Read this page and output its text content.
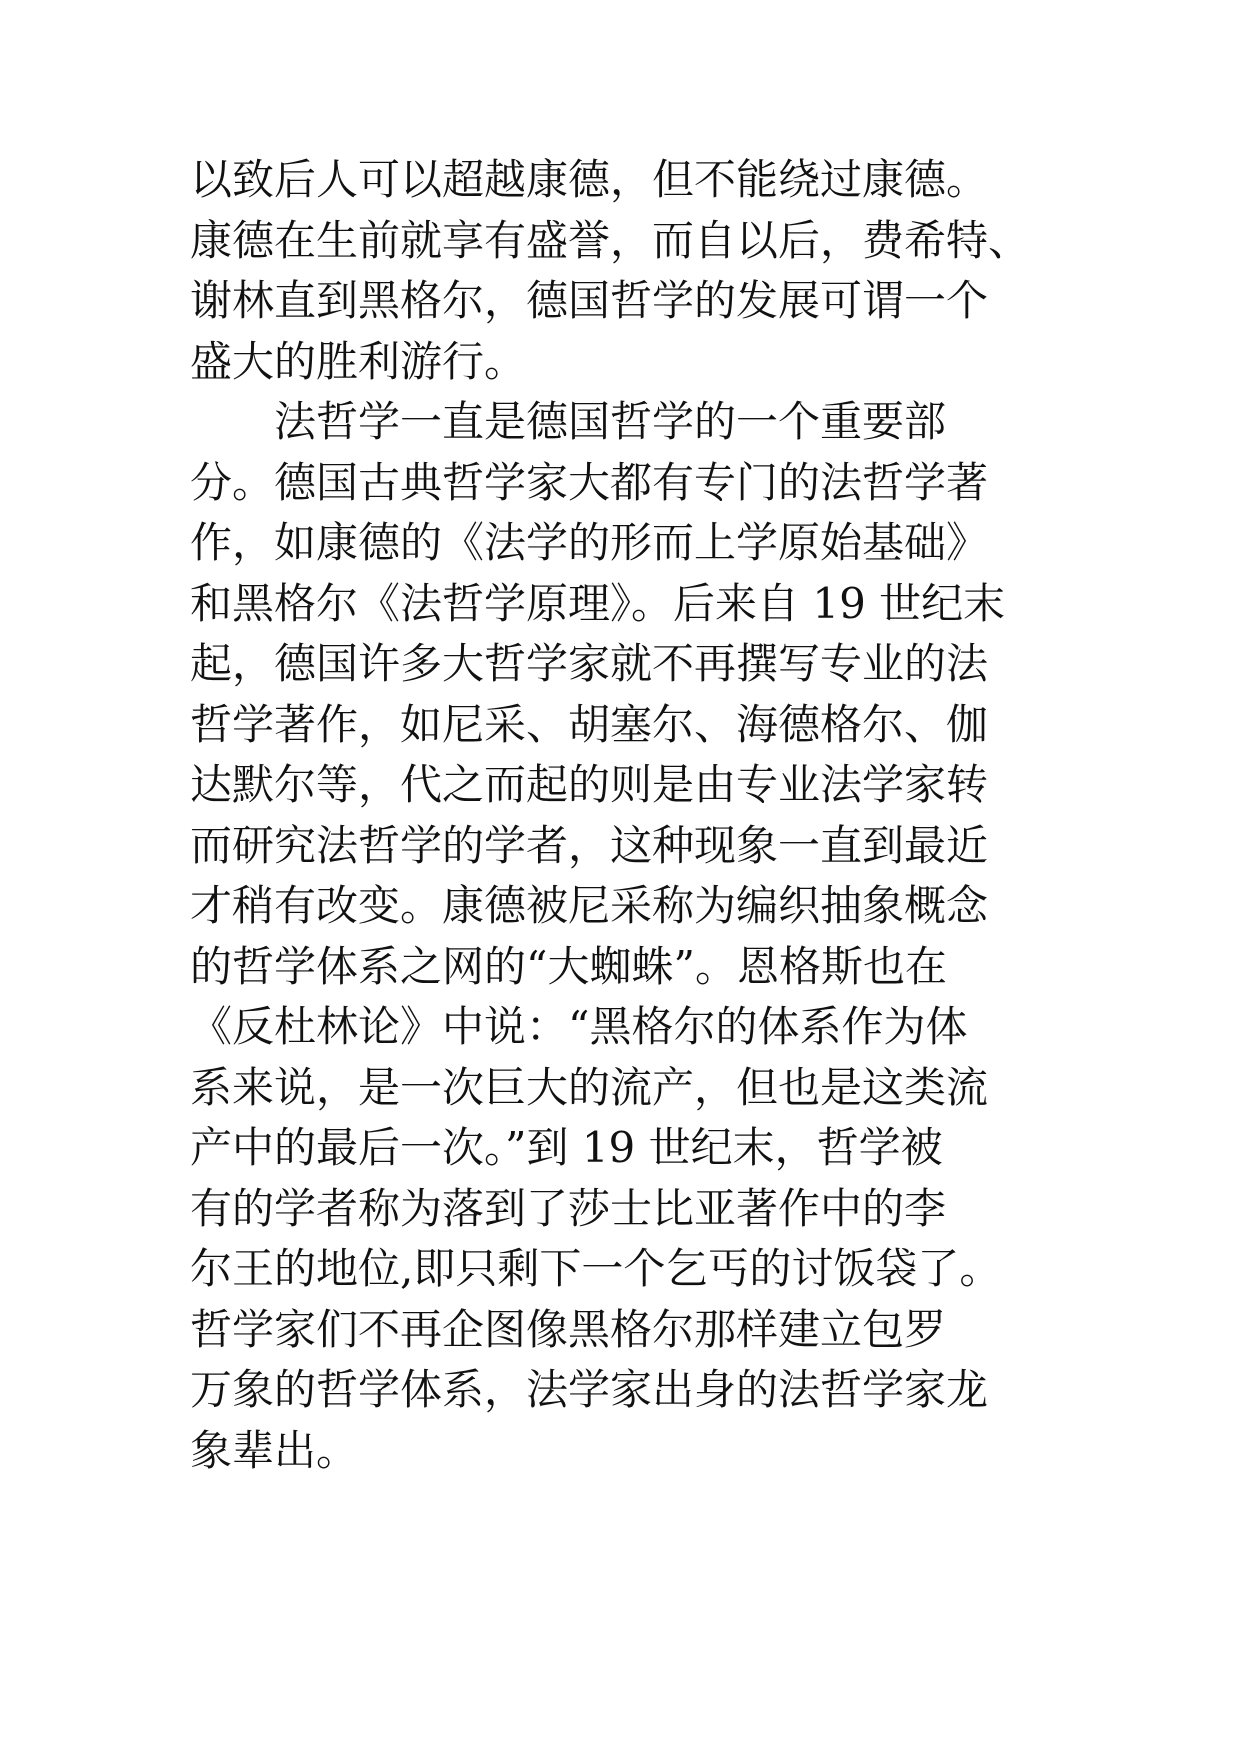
以致后人可以超越康德，但不能绕过康德。
康德在生前就享有盛誉，而自以后，费希特、
谢林直到黑格尔，德国哲学的发展可谓一个
盛大的胜利游行。
法哲学一直是德国哲学的一个重要部
分。德国古典哲学家大都有专门的法哲学著
作，如康德的《法学的形而上学原始基础》
和黑格尔《法哲学原理》。后来自 19 世纪末
起，德国许多大哲学家就不再撰写专业的法
哲学著作，如尼采、胡塞尔、海德格尔、伽
达默尔等，代之而起的则是由专业法学家转
而研究法哲学的学者，这种现象一直到最近
才稍有改变。康德被尼采称为编织抽象概念
的哲学体系之网的“大蜘蛛”。恩格斯也在
《反杜林论》中说：“黑格尔的体系作为体
系来说，是一次巨大的流产，但也是这类流
产中的最后一次。”到 19 世纪末，哲学被
有的学者称为落到了莎士比亚著作中的李
尔王的地位,即只剩下一个乞丐的讨饭袋了。
哲学家们不再企图像黑格尔那样建立包罗
万象的哲学体系，法学家出身的法哲学家龙
象辈出。
